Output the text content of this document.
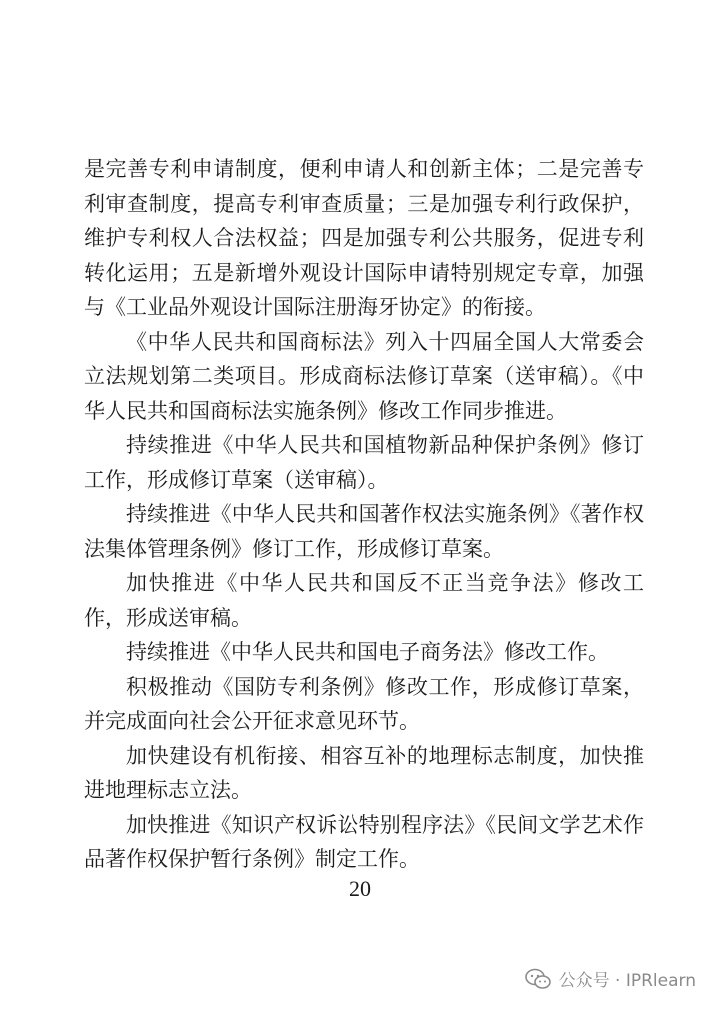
是完善专利申请制度，便利申请人和创新主体；二是完善专利审查制度，提高专利审查质量；三是加强专利行政保护，维护专利权人合法权益；四是加强专利公共服务，促进专利转化运用；五是新增外观设计国际申请特别规定专章，加强与《工业品外观设计国际注册海牙协定》的衔接。

《中华人民共和国商标法》列入十四届全国人大常委会立法规划第二类项目。形成商标法修订草案（送审稿）。《中华人民共和国商标法实施条例》修改工作同步推进。

持续推进《中华人民共和国植物新品种保护条例》修订工作，形成修订草案（送审稿）。

持续推进《中华人民共和国著作权法实施条例》《著作权法集体管理条例》修订工作，形成修订草案。

加快推进《中华人民共和国反不正当竞争法》修改工作，形成送审稿。

持续推进《中华人民共和国电子商务法》修改工作。

积极推动《国防专利条例》修改工作，形成修订草案，并完成面向社会公开征求意见环节。

加快建设有机衔接、相容互补的地理标志制度，加快推进地理标志立法。

加快推进《知识产权诉讼特别程序法》《民间文学艺术作品著作权保护暂行条例》制定工作。

20
公众号 · IPRlearn
